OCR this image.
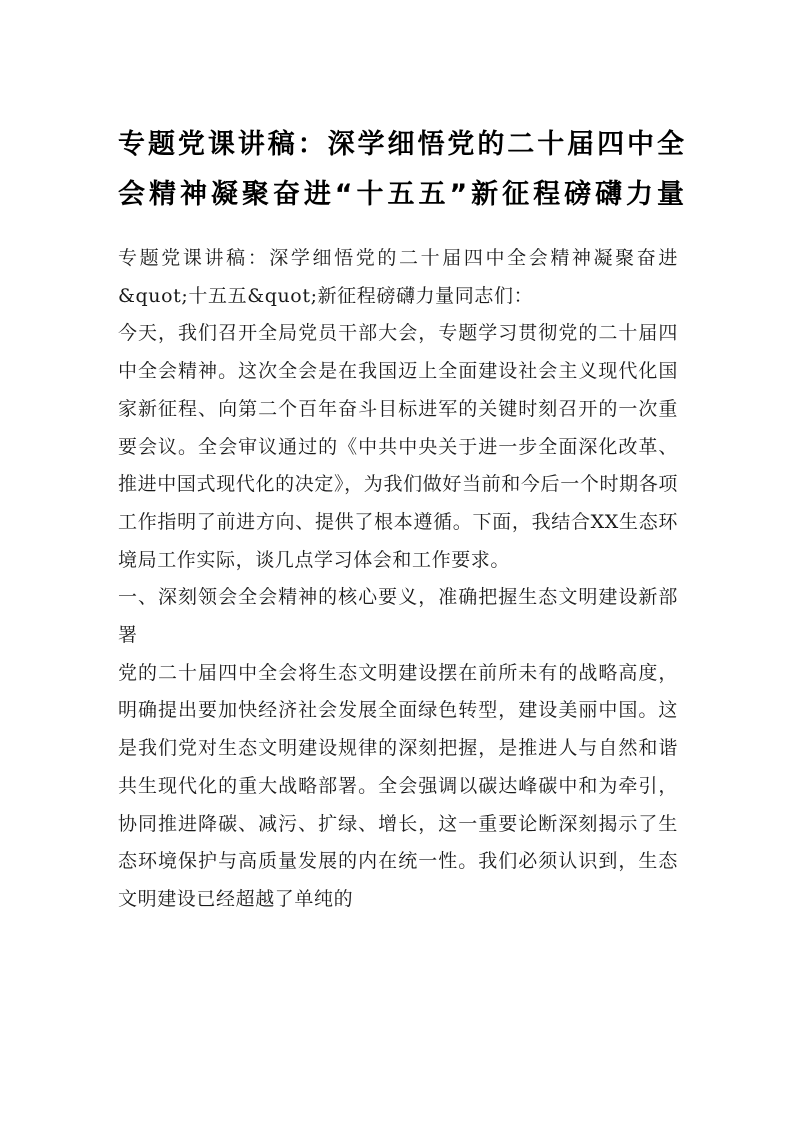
专题党课讲稿：深学细悟党的二十届四中全
会精神凝聚奋进“十五五”新征程磅礴力量

专题党课讲稿：深学细悟党的二十届四中全会精神凝聚奋进&quot;十五五&quot;新征程磅礴力量同志们：

今天，我们召开全局党员干部大会，专题学习贯彻党的二十届四中全会精神。这次全会是在我国迈上全面建设社会主义现代化国家新征程、向第二个百年奋斗目标进军的关键时刻召开的一次重要会议。全会审议通过的《中共中央关于进一步全面深化改革、推进中国式现代化的决定》，为我们做好当前和今后一个时期各项工作指明了前进方向、提供了根本遵循。下面，我结合XX生态环境局工作实际，谈几点学习体会和工作要求。

一、深刻领会全会精神的核心要义，准确把握生态文明建设新部署

党的二十届四中全会将生态文明建设摆在前所未有的战略高度，明确提出要加快经济社会发展全面绿色转型，建设美丽中国。这是我们党对生态文明建设规律的深刻把握，是推进人与自然和谐共生现代化的重大战略部署。全会强调以碳达峰碳中和为牵引，协同推进降碳、减污、扩绿、增长，这一重要论断深刻揭示了生态环境保护与高质量发展的内在统一性。我们必须认识到，生态文明建设已经超越了单纯的
